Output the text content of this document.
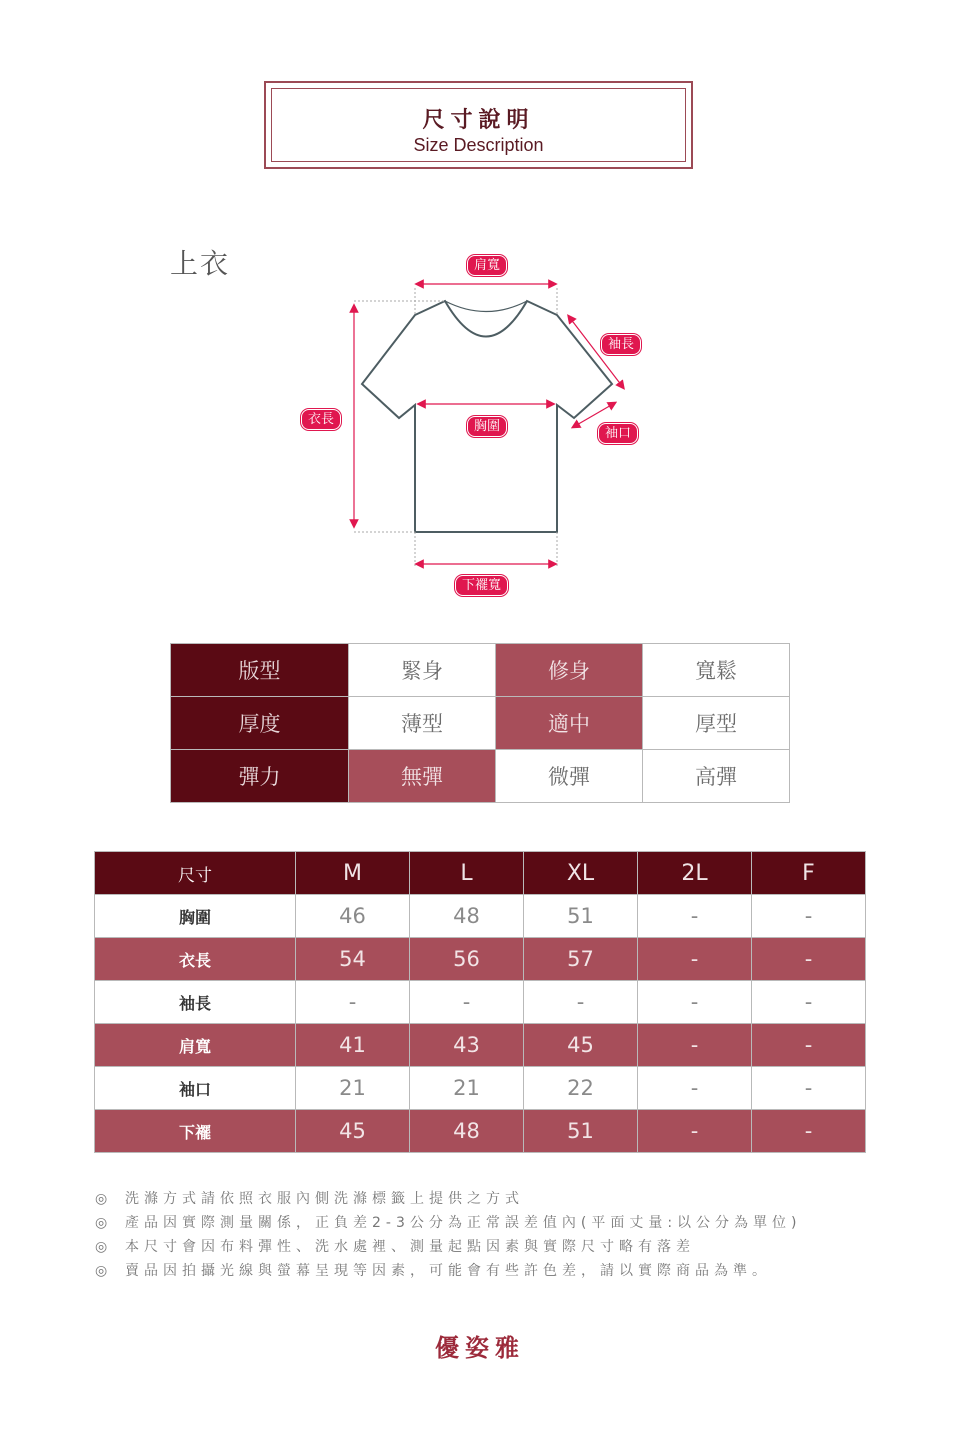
尺寸說明
Size Description
上衣	肩寬
袖長
衣長	胸圍	袖口
下襬寬
版型	緊身	修身	寬鬆
厚度	薄型	適中	厚型
彈力	無彈	微彈	高彈
尺寸	M	L	XL	2L	F
胸圍	46	48	51	-	-
衣長	54	56	57	-	-
袖長	-	-	-	-	-
肩寬	41	43	45	-	-
袖口	21	21	22	-	-
下襬	45	48	51	-	-
◎ 洗滌方式請依照衣服內側洗滌標籤上提供之方式
◎ 產品因實際測量關係，正負差2-3公分為正常誤差值內(平面丈量:以公分為單位)
◎ 本尺寸會因布料彈性、洗水處裡、測量起點因素與實際尺寸略有落差
◎ 賣品因拍攝光線與螢幕呈現等因素，可能會有些許色差，請以實際商品為準。
優姿雅
